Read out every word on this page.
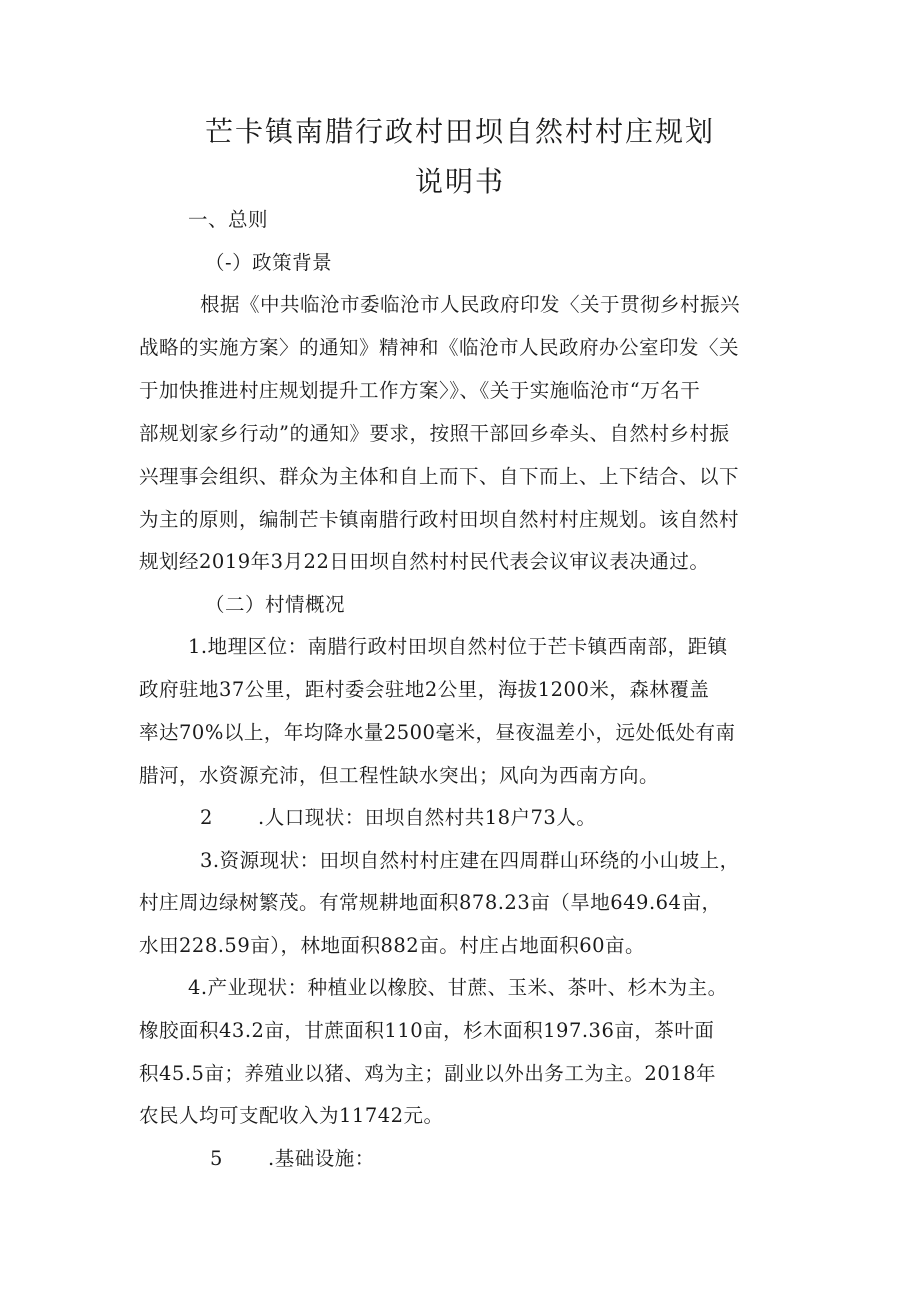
芒卡镇南腊行政村田坝自然村村庄规划
说明书

一、总则

（-）政策背景

根据《中共临沧市委临沧市人民政府印发〈关于贯彻乡村振兴

战略的实施方案〉的通知》精神和《临沧市人民政府办公室印发〈关

于加快推进村庄规划提升工作方案〉》、《关于实施临沧市“万名干

部规划家乡行动”的通知》要求，按照干部回乡牵头、自然村乡村振

兴理事会组织、群众为主体和自上而下、自下而上、上下结合、以下

为主的原则，编制芒卡镇南腊行政村田坝自然村村庄规划。该自然村

规划经2019年3月22日田坝自然村村民代表会议审议表决通过。

（二）村情概况

1.地理区位：南腊行政村田坝自然村位于芒卡镇西南部，距镇

政府驻地37公里，距村委会驻地2公里，海拔1200米，森林覆盖

率达70%以上，年均降水量2500毫米，昼夜温差小，远处低处有南

腊河，水资源充沛，但工程性缺水突出；风向为西南方向。

2 .人口现状：田坝自然村共18户73人。

3.资源现状：田坝自然村村庄建在四周群山环绕的小山坡上，

村庄周边绿树繁茂。有常规耕地面积878.23亩（旱地649.64亩，

水田228.59亩），林地面积882亩。村庄占地面积60亩。

4.产业现状：种植业以橡胶、甘蔗、玉米、茶叶、杉木为主。

橡胶面积43.2亩，甘蔗面积110亩，杉木面积197.36亩，茶叶面

积45.5亩；养殖业以猪、鸡为主；副业以外出务工为主。2018年

农民人均可支配收入为11742元。

5 .基础设施：
